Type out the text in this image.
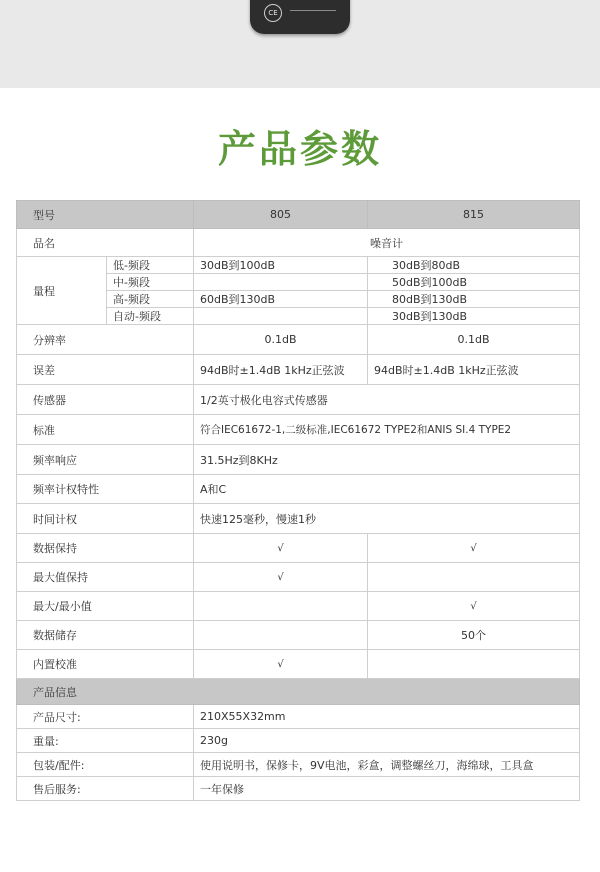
CE
产品参数
型号		805	815
品名		噪音计	
量程	低-频段	30dB到100dB	30dB到80dB
	中-频段		50dB到100dB
	高-频段	60dB到130dB	80dB到130dB
	自动-频段		30dB到130dB
分辨率		0.1dB	0.1dB
误差		94dB时±1.4dB 1kHz正弦波	94dB时±1.4dB 1kHz正弦波
传感器		1/2英寸极化电容式传感器	
标准		符合IEC61672-1,二级标准,IEC61672 TYPE2和ANIS SI.4 TYPE2	
频率响应		31.5Hz到8KHz	
频率计权特性		A和C	
时间计权		快速125毫秒，慢速1秒	
数据保持		√	√
最大值保持		√	
最大/最小值			√
数据储存			50个
内置校准		√	
产品信息			
产品尺寸:		210X55X32mm	
重量:		230g	
包装/配件:		使用说明书，保修卡，9V电池，彩盒，调整螺丝刀，海绵球，工具盒	
售后服务:		一年保修	
